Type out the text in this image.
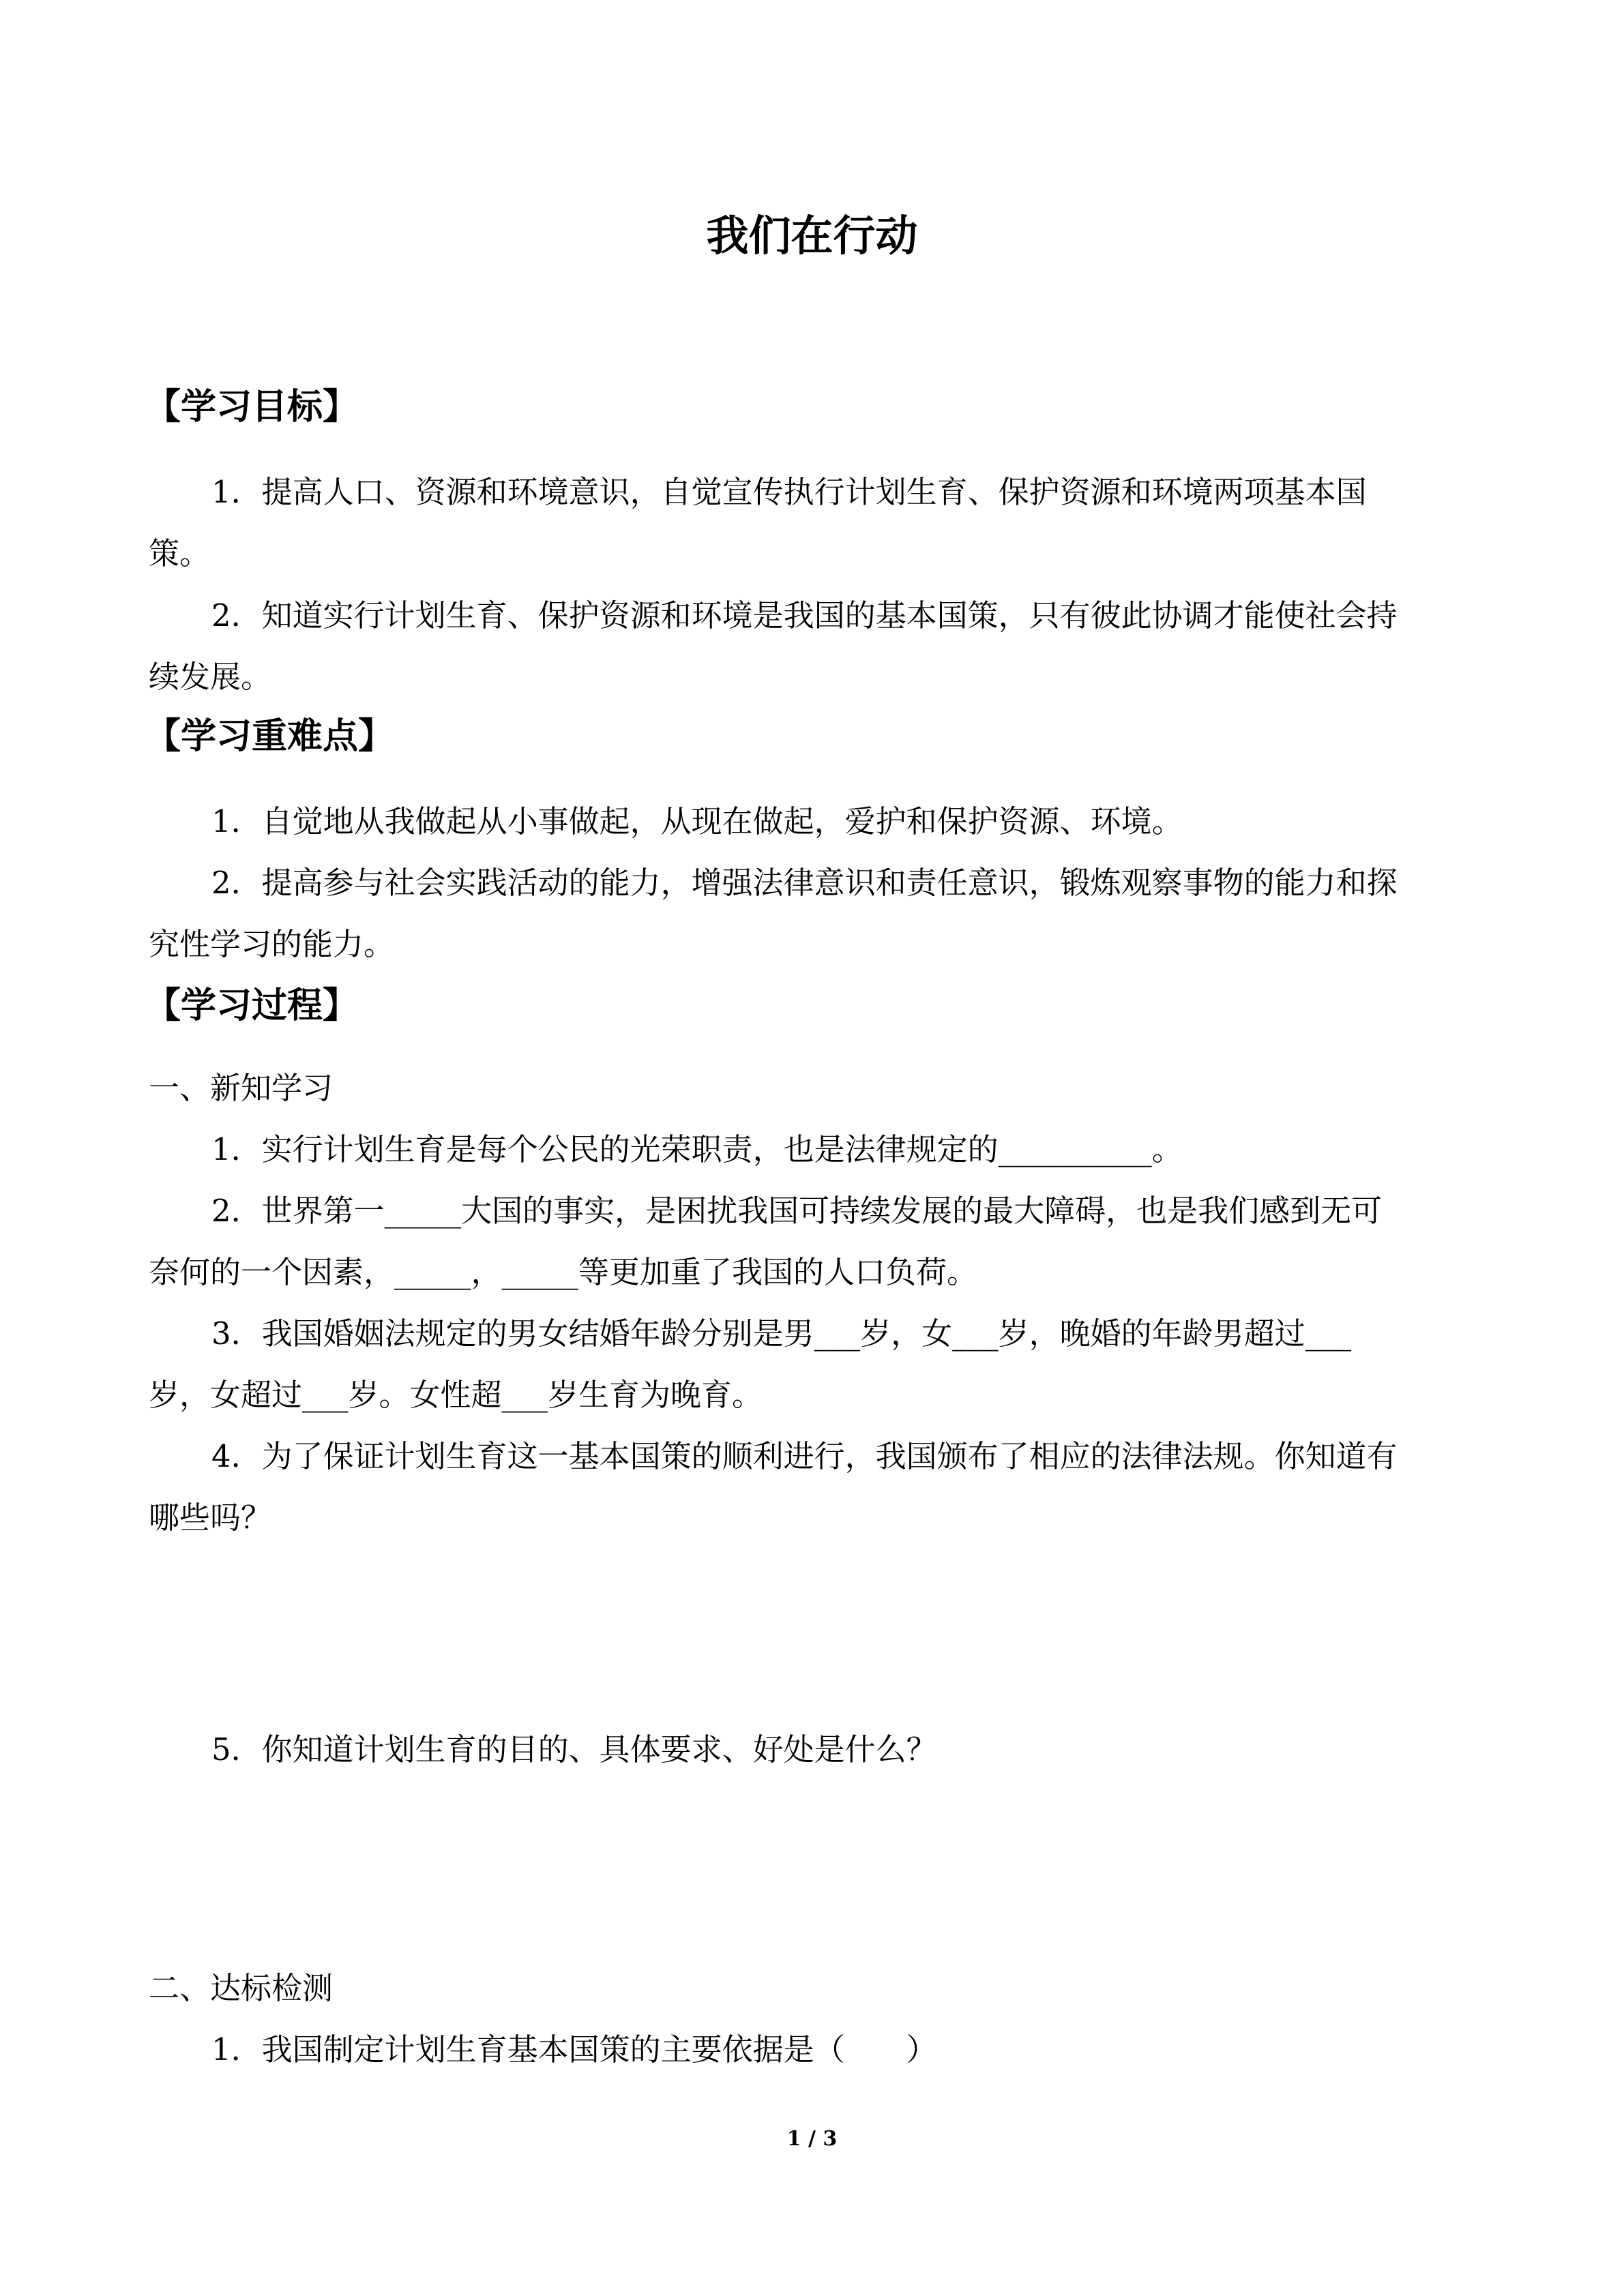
我们在行动
【学习目标】
1．提高人口、资源和环境意识，自觉宣传执行计划生育、保护资源和环境两项基本国
策。
2．知道实行计划生育、保护资源和环境是我国的基本国策，只有彼此协调才能使社会持
续发展。
【学习重难点】
1．自觉地从我做起从小事做起，从现在做起，爱护和保护资源、环境。
2．提高参与社会实践活动的能力，增强法律意识和责任意识，锻炼观察事物的能力和探
究性学习的能力。
【学习过程】
一、新知学习
1．实行计划生育是每个公民的光荣职责，也是法律规定的__________。
2．世界第一_____大国的事实，是困扰我国可持续发展的最大障碍，也是我们感到无可
奈何的一个因素，_____，_____等更加重了我国的人口负荷。
3．我国婚姻法规定的男女结婚年龄分别是男___岁，女___岁，晚婚的年龄男超过___
岁，女超过___岁。女性超___岁生育为晚育。
4．为了保证计划生育这一基本国策的顺利进行，我国颁布了相应的法律法规。你知道有
哪些吗？
5．你知道计划生育的目的、具体要求、好处是什么？
二、达标检测
1．我国制定计划生育基本国策的主要依据是（　　）
1 / 3
